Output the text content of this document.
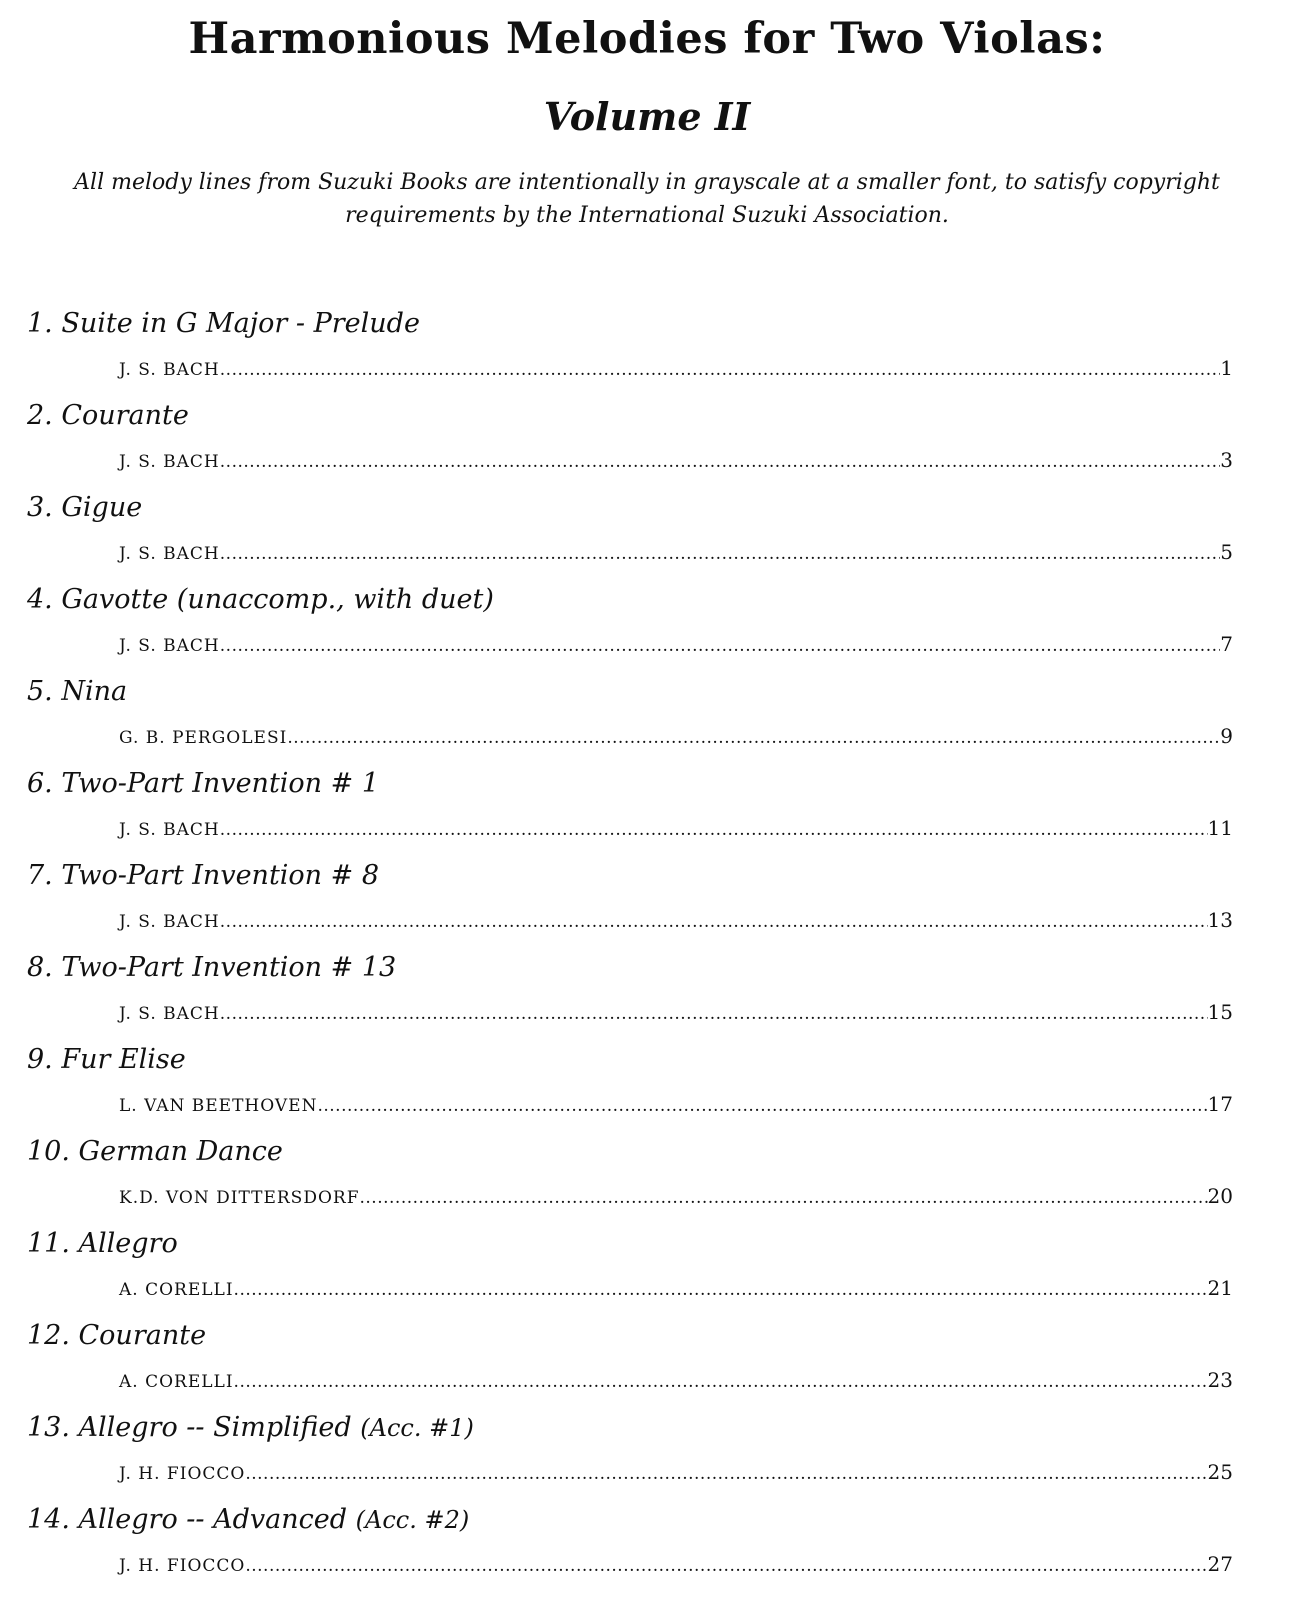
Harmonious Melodies for Two Violas:
Volume II
All melody lines from Suzuki Books are intentionally in grayscale at a smaller font, to satisfy copyright requirements by the International Suzuki Association.
1. Suite in G Major - Prelude
J. S. BACH .....	1
2. Courante
J. S. BACH .....	3
3. Gigue
J. S. BACH .....	5
4. Gavotte (unaccomp., with duet)
J. S. BACH .....	7
5. Nina
G. B. PERGOLESI .....	9
6. Two-Part Invention # 1
J. S. BACH .....	11
7. Two-Part Invention # 8
J. S. BACH .....	13
8. Two-Part Invention # 13
J. S. BACH .....	15
9. Fur Elise
L. VAN BEETHOVEN .....	17
10. German Dance
K.D. VON DITTERSDORF .....	20
11. Allegro
A. CORELLI .....	21
12. Courante
A. CORELLI .....	23
13. Allegro -- Simplified (Acc. #1)
J. H. FIOCCO .....	25
14. Allegro -- Advanced (Acc. #2)
J. H. FIOCCO .....	27
